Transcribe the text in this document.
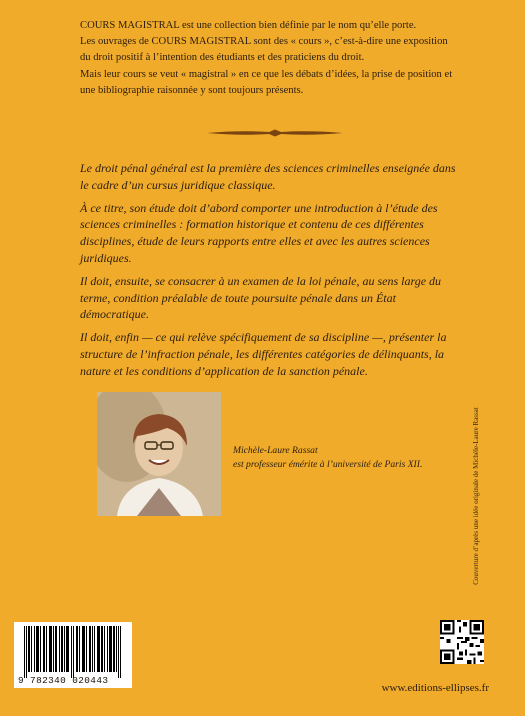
COURS MAGISTRAL est une collection bien définie par le nom qu’elle porte.

Les ouvrages de COURS MAGISTRAL sont des « cours », c’est-à-dire une exposition du droit positif à l’intention des étudiants et des praticiens du droit.

Mais leur cours se veut « magistral » en ce que les débats d’idées, la prise de position et une bibliographie raisonnée y sont toujours présents.

Le droit pénal général est la première des sciences criminelles enseignée dans le cadre d’un cursus juridique classique.

À ce titre, son étude doit d’abord comporter une introduction à l’étude des sciences criminelles : formation historique et contenu de ces différentes disciplines, étude de leurs rapports entre elles et avec les autres sciences juridiques.

Il doit, ensuite, se consacrer à un examen de la loi pénale, au sens large du terme, condition préalable de toute poursuite pénale dans un État démocratique.

Il doit, enfin — ce qui relève spécifiquement de sa discipline —, présenter la structure de l’infraction pénale, les différentes catégories de délinquants, la nature et les conditions d’application de la sanction pénale.

Michèle-Laure Rassat

est professeur émérite à l’université de Paris XII.	Couverture d’après une idée originale de Michèle-Laure Rassat
9 782340 020443
www.editions-ellipses.fr
